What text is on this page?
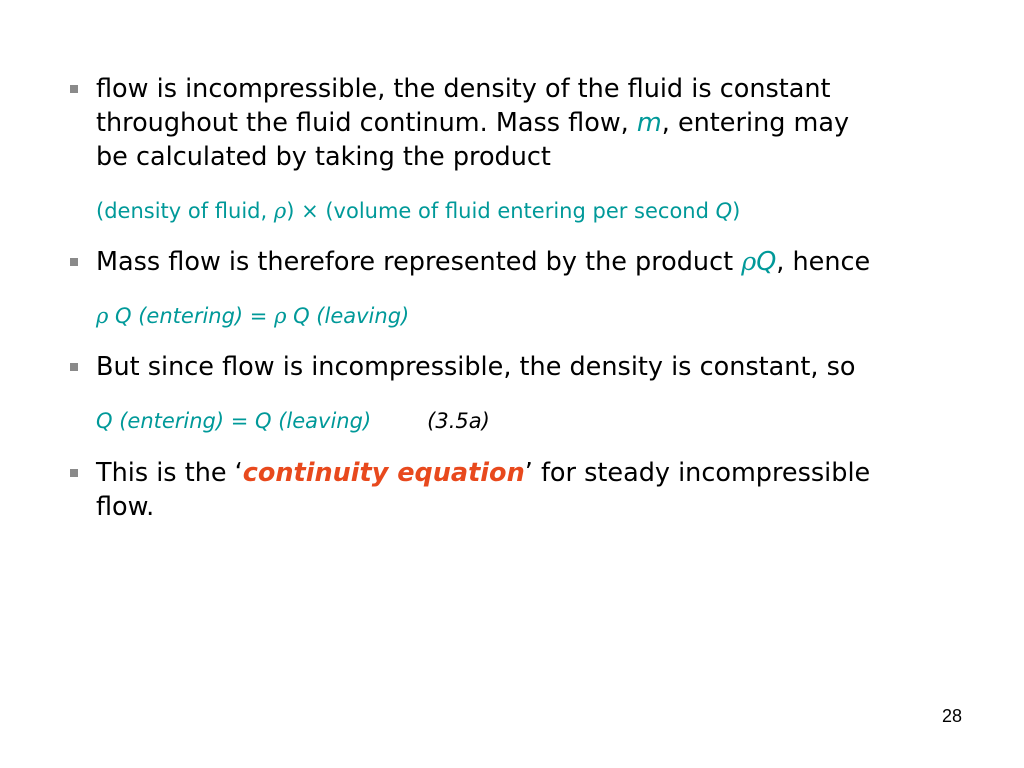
flow is incompressible, the density of the fluid is constant
throughout the fluid continum. Mass flow, m, entering may
be calculated by taking the product
(density of fluid, ρ) × (volume of fluid entering per second Q)
Mass flow is therefore represented by the product ρQ, hence
ρ Q (entering) = ρ Q (leaving)
But since flow is incompressible, the density is constant, so
Q (entering) = Q (leaving)	(3.5a)
This is the ‘continuity equation’ for steady incompressible
flow.
28
